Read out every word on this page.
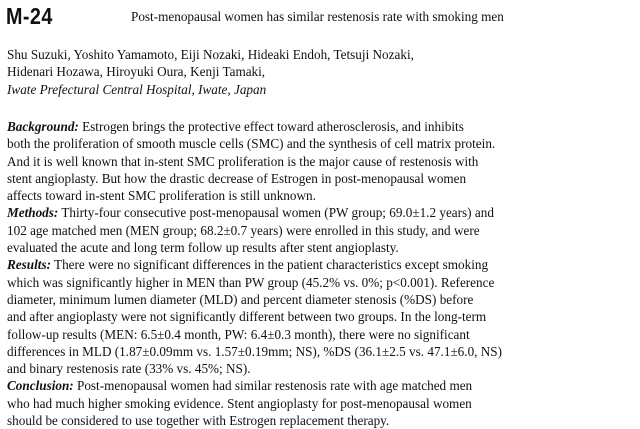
M-24	Post-menopausal women has similar restenosis rate with smoking men
Shu Suzuki, Yoshito Yamamoto, Eiji Nozaki, Hideaki Endoh, Tetsuji Nozaki,
Hidenari Hozawa, Hiroyuki Oura, Kenji Tamaki,
Iwate Prefectural Central Hospital, Iwate, Japan
Background: Estrogen brings the protective effect toward atherosclerosis, and inhibits
both the proliferation of smooth muscle cells (SMC) and the synthesis of cell matrix protein.
And it is well known that in-stent SMC proliferation is the major cause of restenosis with
stent angioplasty. But how the drastic decrease of Estrogen in post-menopausal women
affects toward in-stent SMC proliferation is still unknown.
Methods: Thirty-four consecutive post-menopausal women (PW group; 69.0±1.2 years) and
102 age matched men (MEN group; 68.2±0.7 years) were enrolled in this study, and were
evaluated the acute and long term follow up results after stent angioplasty.
Results: There were no significant differences in the patient characteristics except smoking
which was significantly higher in MEN than PW group (45.2% vs. 0%; p<0.001). Reference
diameter, minimum lumen diameter (MLD) and percent diameter stenosis (%DS) before
and after angioplasty were not significantly different between two groups. In the long-term
follow-up results (MEN: 6.5±0.4 month, PW: 6.4±0.3 month), there were no significant
differences in MLD (1.87±0.09mm vs. 1.57±0.19mm; NS), %DS (36.1±2.5 vs. 47.1±6.0, NS)
and binary restenosis rate (33% vs. 45%; NS).
Conclusion: Post-menopausal women had similar restenosis rate with age matched men
who had much higher smoking evidence. Stent angioplasty for post-menopausal women
should be considered to use together with Estrogen replacement therapy.
